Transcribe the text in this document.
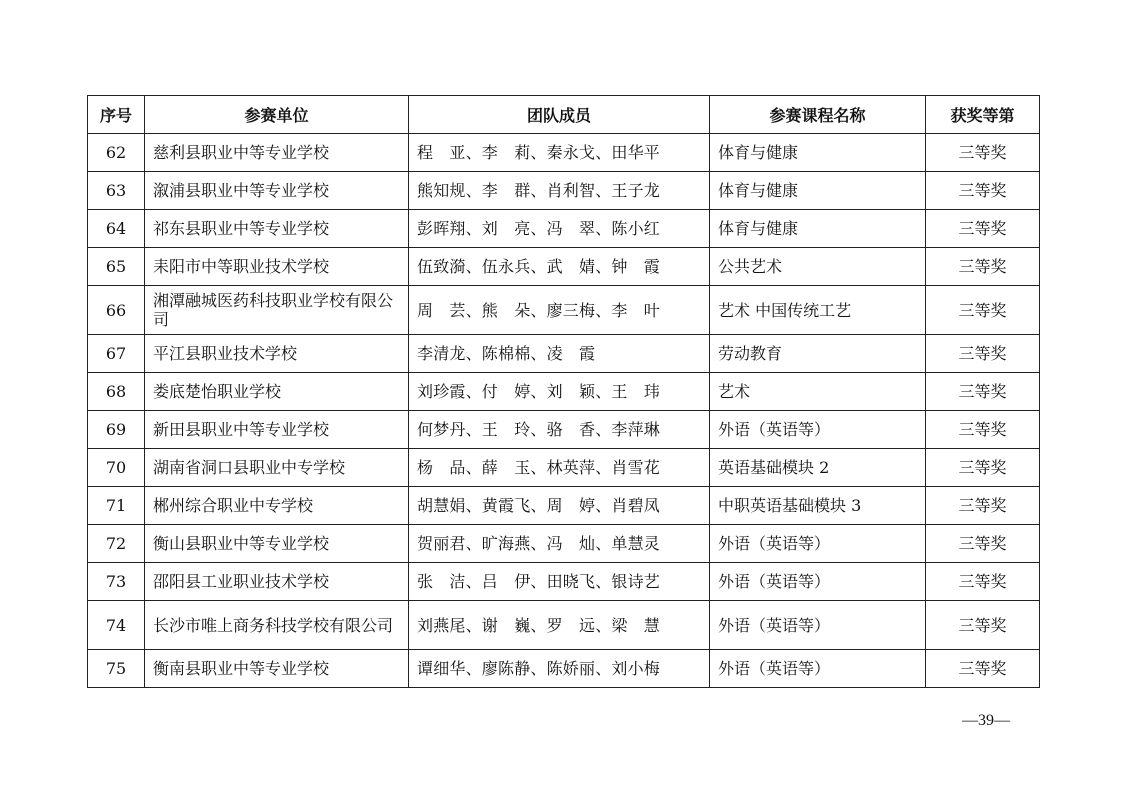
序号	参赛单位	团队成员	参赛课程名称	获奖等第
62	慈利县职业中等专业学校	程　亚、李　莉、秦永戈、田华平	体育与健康	三等奖
63	溆浦县职业中等专业学校	熊知规、李　群、肖利智、王子龙	体育与健康	三等奖
64	祁东县职业中等专业学校	彭晖翔、刘　亮、冯　翠、陈小红	体育与健康	三等奖
65	耒阳市中等职业技术学校	伍致漪、伍永兵、武　婧、钟　霞	公共艺术	三等奖
66	湘潭融城医药科技职业学校有限公司	周　芸、熊　朵、廖三梅、李　叶	艺术 中国传统工艺	三等奖
67	平江县职业技术学校	李清龙、陈棉棉、凌　霞	劳动教育	三等奖
68	娄底楚怡职业学校	刘珍霞、付　婷、刘　颖、王　玮	艺术	三等奖
69	新田县职业中等专业学校	何梦丹、王　玲、骆　香、李萍琳	外语（英语等）	三等奖
70	湖南省洞口县职业中专学校	杨　品、薛　玉、林英萍、肖雪花	英语基础模块 2	三等奖
71	郴州综合职业中专学校	胡慧娟、黄霞飞、周　婷、肖碧凤	中职英语基础模块 3	三等奖
72	衡山县职业中等专业学校	贺丽君、旷海燕、冯　灿、单慧灵	外语（英语等）	三等奖
73	邵阳县工业职业技术学校	张　洁、吕　伊、田晓飞、银诗艺	外语（英语等）	三等奖
74	长沙市唯上商务科技学校有限公司	刘燕尾、谢　巍、罗　远、梁　慧	外语（英语等）	三等奖
75	衡南县职业中等专业学校	谭细华、廖陈静、陈娇丽、刘小梅	外语（英语等）	三等奖
—39—
